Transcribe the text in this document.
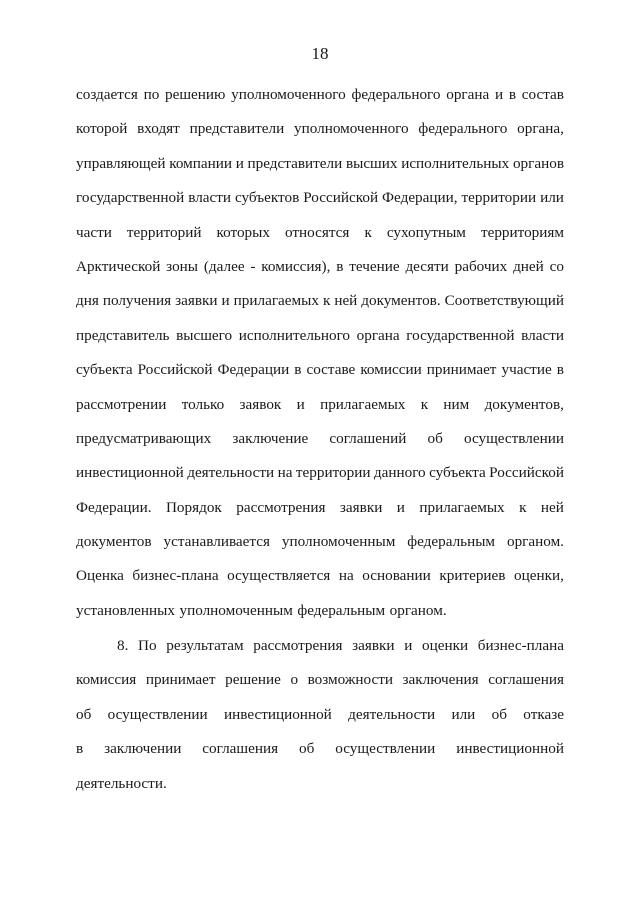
18
создается по решению уполномоченного федерального органа и в состав
которой входят представители уполномоченного федерального органа,
управляющей компании и представители высших исполнительных органов
государственной власти субъектов Российской Федерации, территории или
части территорий которых относятся к сухопутным территориям
Арктической зоны (далее - комиссия), в течение десяти рабочих дней со
дня получения заявки и прилагаемых к ней документов. Соответствующий
представитель высшего исполнительного органа государственной власти
субъекта Российской Федерации в составе комиссии принимает участие в
рассмотрении только заявок и прилагаемых к ним документов,
предусматривающих заключение соглашений об осуществлении
инвестиционной деятельности на территории данного субъекта Российской
Федерации. Порядок рассмотрения заявки и прилагаемых к ней
документов устанавливается уполномоченным федеральным органом.
Оценка бизнес-плана осуществляется на основании критериев оценки,
установленных уполномоченным федеральным органом.
8. По результатам рассмотрения заявки и оценки бизнес-плана
комиссия принимает решение о возможности заключения соглашения
об осуществлении инвестиционной деятельности или об отказе
в заключении соглашения об осуществлении инвестиционной
деятельности.
